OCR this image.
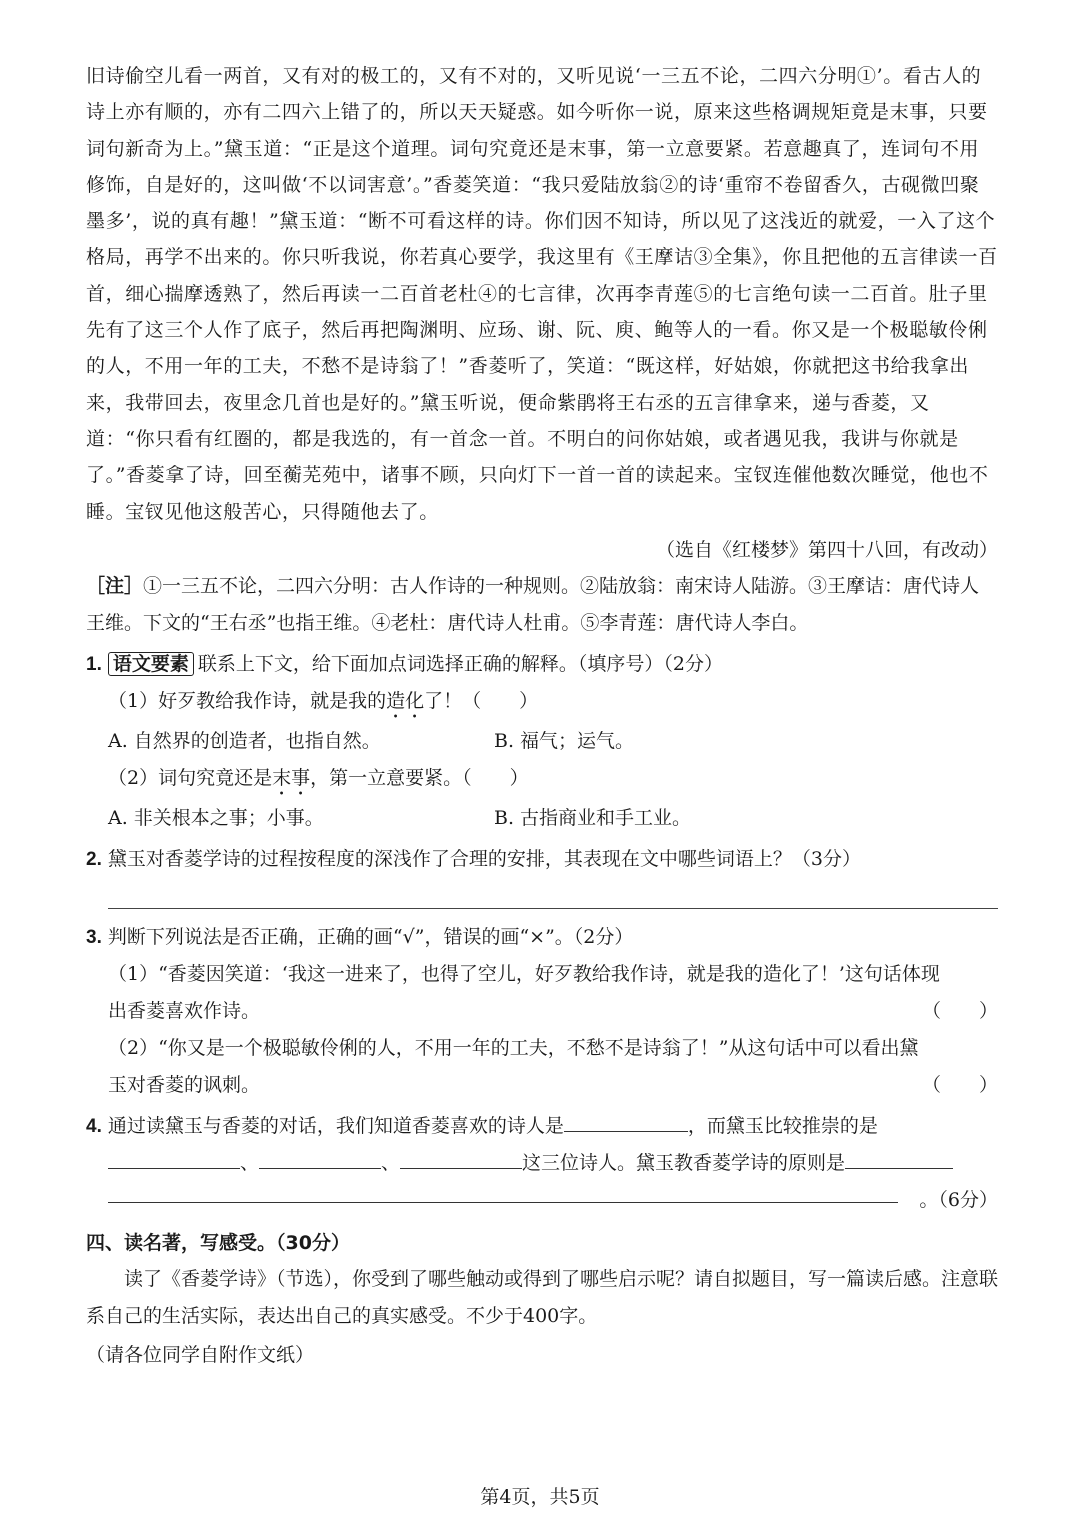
旧诗偷空儿看一两首，又有对的极工的，又有不对的，又听见说‘一三五不论，二四六分明①’。看古人的诗上亦有顺的，亦有二四六上错了的，所以天天疑惑。如今听你一说，原来这些格调规矩竟是末事，只要词句新奇为上。”黛玉道：“正是这个道理。词句究竟还是末事，第一立意要紧。若意趣真了，连词句不用修饰，自是好的，这叫做‘不以词害意’。”香菱笑道：“我只爱陆放翁②的诗‘重帘不卷留香久，古砚微凹聚墨多’，说的真有趣！”黛玉道：“断不可看这样的诗。你们因不知诗，所以见了这浅近的就爱，一入了这个格局，再学不出来的。你只听我说，你若真心要学，我这里有《王摩诘③全集》，你且把他的五言律读一百首，细心揣摩透熟了，然后再读一二百首老杜④的七言律，次再李青莲⑤的七言绝句读一二百首。肚子里先有了这三个人作了底子，然后再把陶渊明、应玚、谢、阮、庾、鲍等人的一看。你又是一个极聪敏伶俐的人，不用一年的工夫，不愁不是诗翁了！”香菱听了，笑道：“既这样，好姑娘，你就把这书给我拿出来，我带回去，夜里念几首也是好的。”黛玉听说，便命紫鹃将王右丞的五言律拿来，递与香菱，又道：“你只看有红圈的，都是我选的，有一首念一首。不明白的问你姑娘，或者遇见我，我讲与你就是了。”香菱拿了诗，回至蘅芜苑中，诸事不顾，只向灯下一首一首的读起来。宝钗连催他数次睡觉，他也不睡。宝钗见他这般苦心，只得随他去了。

（选自《红楼梦》第四十八回，有改动）
［注］①一三五不论，二四六分明：古人作诗的一种规则。②陆放翁：南宋诗人陆游。③王摩诘：唐代诗人王维。下文的“王右丞”也指王维。④老杜：唐代诗人杜甫。⑤李青莲：唐代诗人李白。
1. 语文要素 联系上下文，给下面加点词选择正确的解释。（填序号）（2分）
（1）好歹教给我作诗，就是我的造化了！（　　）
A. 自然界的创造者，也指自然。	B. 福气；运气。
（2）词句究竟还是末事，第一立意要紧。（　　）
A. 非关根本之事；小事。	B. 古指商业和手工业。
2. 黛玉对香菱学诗的过程按程度的深浅作了合理的安排，其表现在文中哪些词语上？（3分）
3. 判断下列说法是否正确，正确的画“√”，错误的画“×”。（2分）
（1）“香菱因笑道：‘我这一进来了，也得了空儿，好歹教给我作诗，就是我的造化了！’这句话体现
出香菱喜欢作诗。	（　　）
（2）“你又是一个极聪敏伶俐的人，不用一年的工夫，不愁不是诗翁了！”从这句话中可以看出黛
玉对香菱的讽刺。	（　　）
4. 通过读黛玉与香菱的对话，我们知道香菱喜欢的诗人是	，而黛玉比较推崇的是
、	、	这三位诗人。黛玉教香菱学诗的原则是
。（6分）
四、读名著，写感受。（30分）

读了《香菱学诗》（节选），你受到了哪些触动或得到了哪些启示呢？请自拟题目，写一篇读后感。注意联系自己的生活实际，表达出自己的真实感受。不少于400字。

（请各位同学自附作文纸）
第4页，共5页
